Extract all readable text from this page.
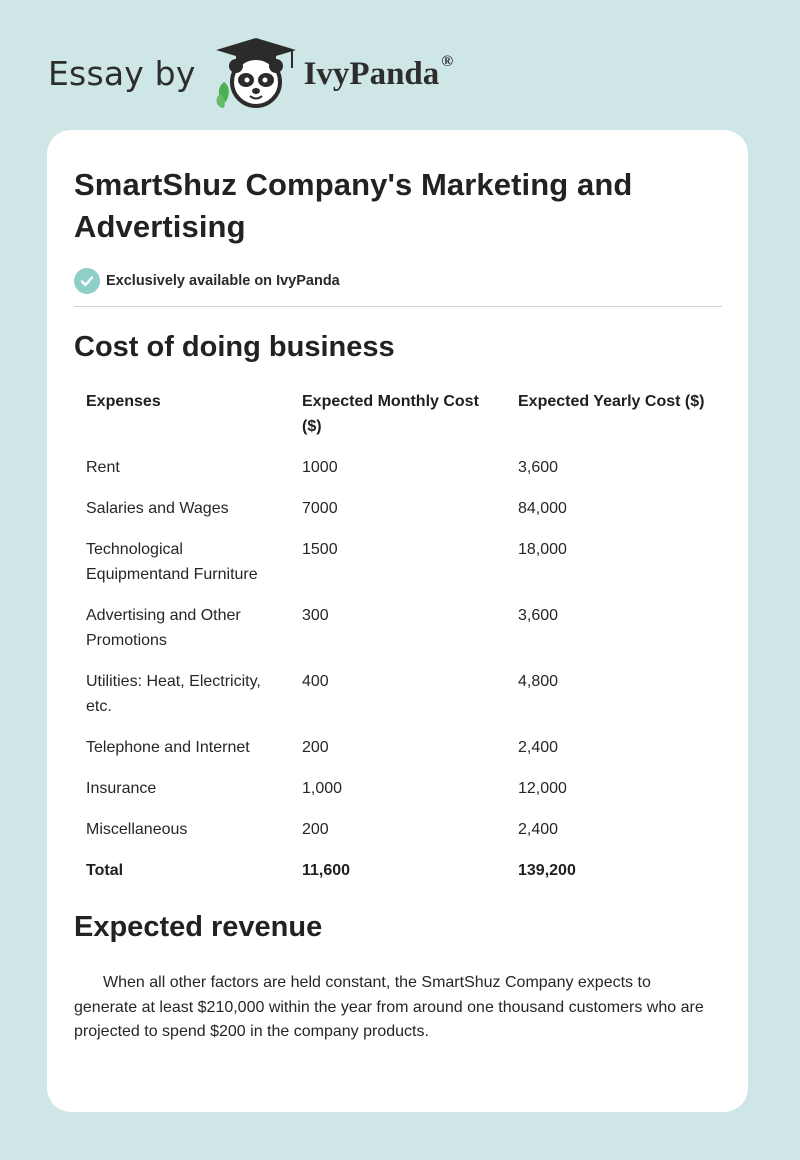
Essay by	IvyPanda ®
SmartShuz Company's Marketing and Advertising
Exclusively available on IvyPanda
Cost of doing business
Expenses	Expected Monthly Cost ($)	Expected Yearly Cost ($)
Rent	1000	3,600
Salaries and Wages	7000	84,000
Technological Equipmentand Furniture	1500	18,000
Advertising and Other Promotions	300	3,600
Utilities: Heat, Electricity, etc.	400	4,800
Telephone and Internet	200	2,400
Insurance	1,000	12,000
Miscellaneous	200	2,400
Total	11,600	139,200
Expected revenue

When all other factors are held constant, the SmartShuz Company expects to generate at least $210,000 within the year from around one thousand customers who are projected to spend $200 in the company products.
